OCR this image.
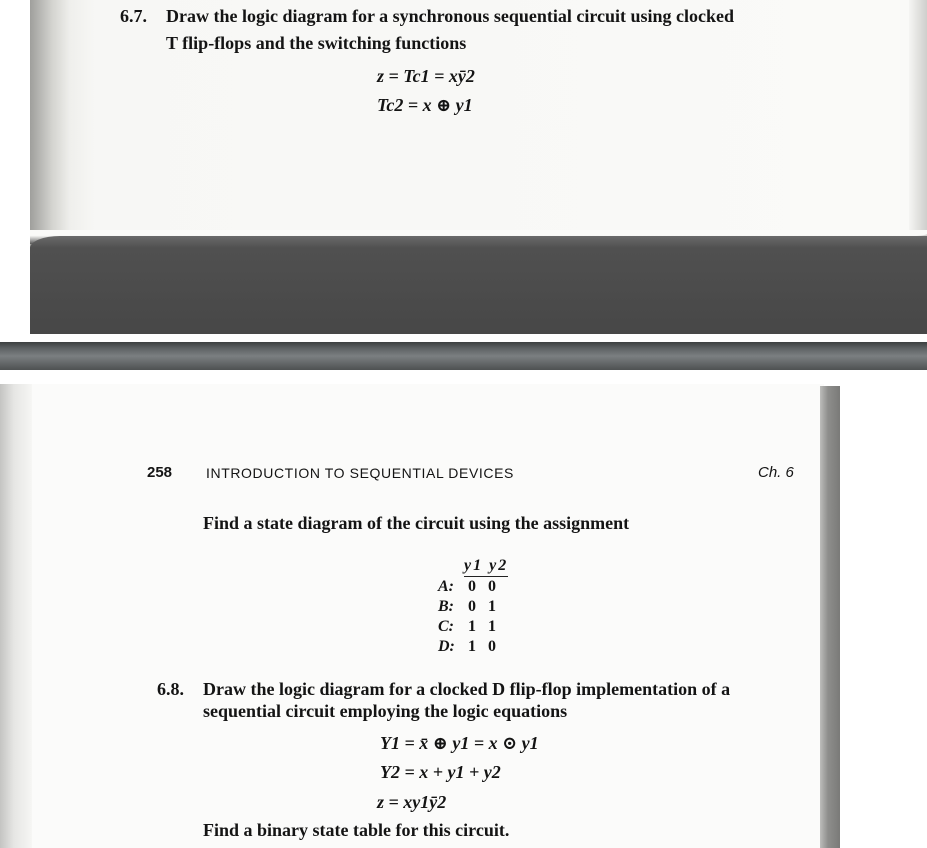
6.7. Draw the logic diagram for a synchronous sequential circuit using clocked
T flip-flops and the switching functions
z = Tc1 = xȳ2
Tc2 = x ⊕ y1
258 INTRODUCTION TO SEQUENTIAL DEVICES	Ch. 6
Find a state diagram of the circuit using the assignment
y1 y2
A: 0 0
B: 0 1
C: 1 1
D: 1 0
6.8. Draw the logic diagram for a clocked D flip-flop implementation of a
sequential circuit employing the logic equations
Y1 = x̄ ⊕ y1 = x ⊙ y1
Y2 = x + y1 + y2
z = xy1ȳ2
Find a binary state table for this circuit.
